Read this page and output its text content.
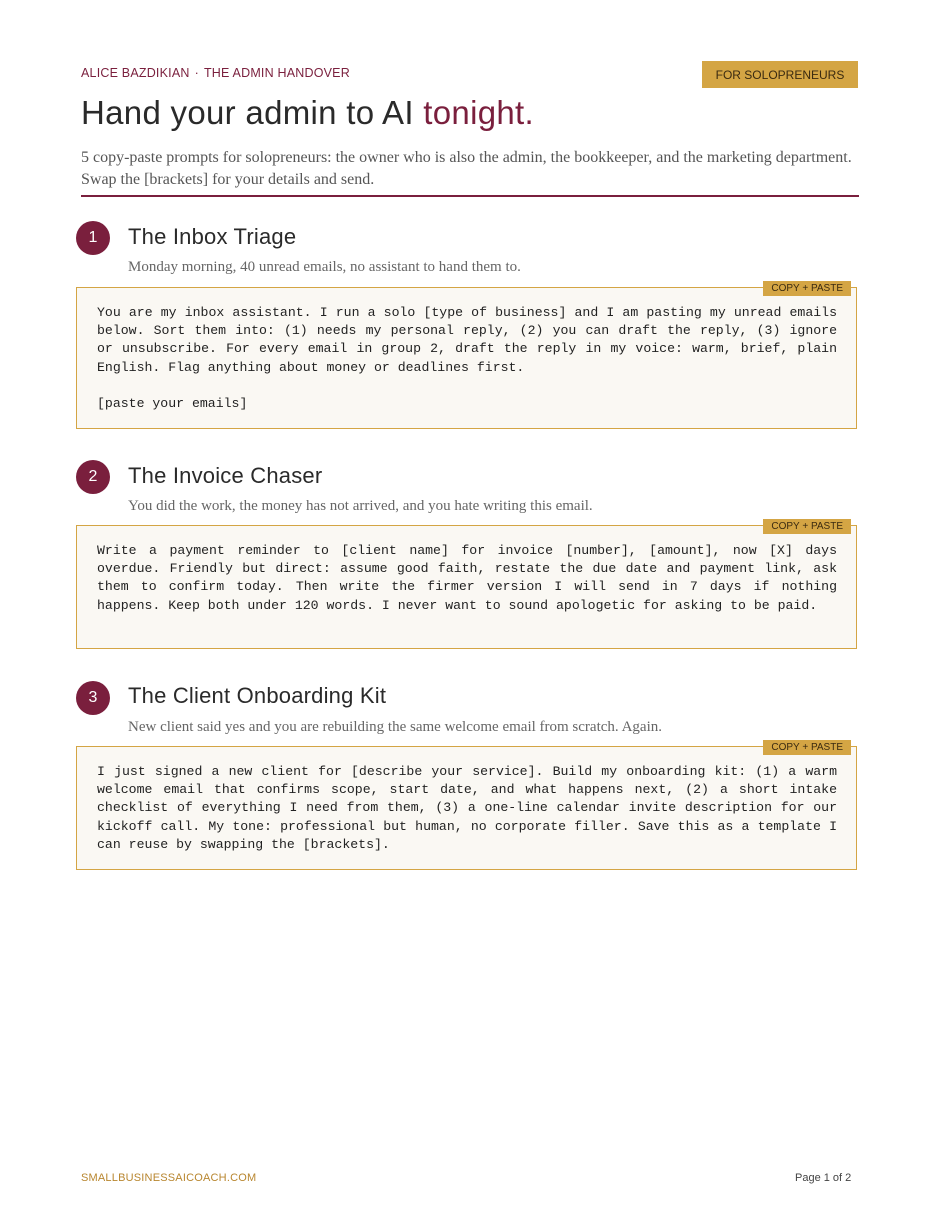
ALICE BAZDIKIAN · THE ADMIN HANDOVER	FOR SOLOPRENEURS
Hand your admin to AI tonight.

5 copy-paste prompts for solopreneurs: the owner who is also the admin, the bookkeeper, and the marketing department. Swap the [brackets] for your details and send.

1	The Inbox Triage

Monday morning, 40 unread emails, no assistant to hand them to.

COPY + PASTE
You are my inbox assistant. I run a solo [type of business] and I am pasting my unread emails below. Sort them into: (1) needs my personal reply, (2) you can draft the reply, (3) ignore or unsubscribe. For every email in group 2, draft the reply in my voice: warm, brief, plain English. Flag anything about money or deadlines first.

[paste your emails]
2	The Invoice Chaser

You did the work, the money has not arrived, and you hate writing this email.

COPY + PASTE
Write a payment reminder to [client name] for invoice [number], [amount], now [X] days overdue. Friendly but direct: assume good faith, restate the due date and payment link, ask them to confirm today. Then write the firmer version I will send in 7 days if nothing happens. Keep both under 120 words. I never want to sound apologetic for asking to be paid.
3	The Client Onboarding Kit

New client said yes and you are rebuilding the same welcome email from scratch. Again.

COPY + PASTE
I just signed a new client for [describe your service]. Build my onboarding kit: (1) a warm welcome email that confirms scope, start date, and what happens next, (2) a short intake checklist of everything I need from them, (3) a one-line calendar invite description for our kickoff call. My tone: professional but human, no corporate filler. Save this as a template I can reuse by swapping the [brackets].
SMALLBUSINESSAICOACH.COM	Page 1 of 2
